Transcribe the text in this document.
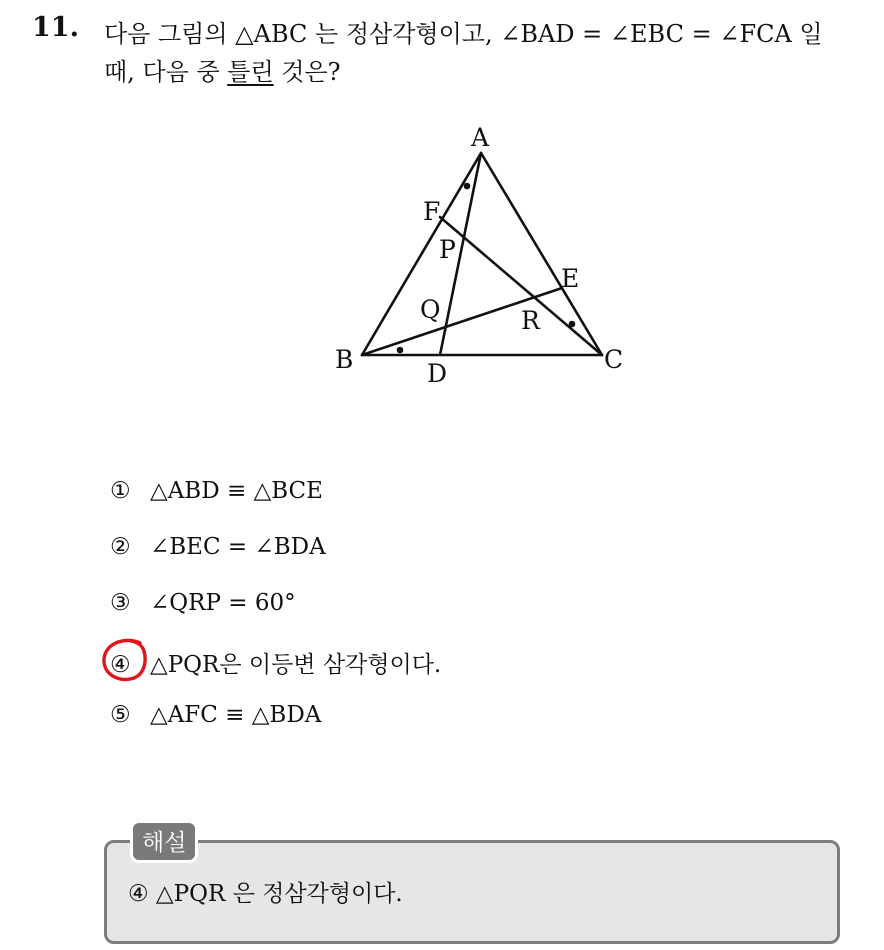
11. 다음 그림의 △ABC 는 정삼각형이고, ∠BAD = ∠EBC = ∠FCA 일
때, 다음 중 틀린 것은?
A
B	C
D
E
F
P
Q	R
① △ABD ≡ △BCE
② ∠BEC = ∠BDA
③ ∠QRP = 60°
④ △PQR은 이등변 삼각형이다.
⑤ △AFC ≡ △BDA
해설
④ △PQR 은 정삼각형이다.
